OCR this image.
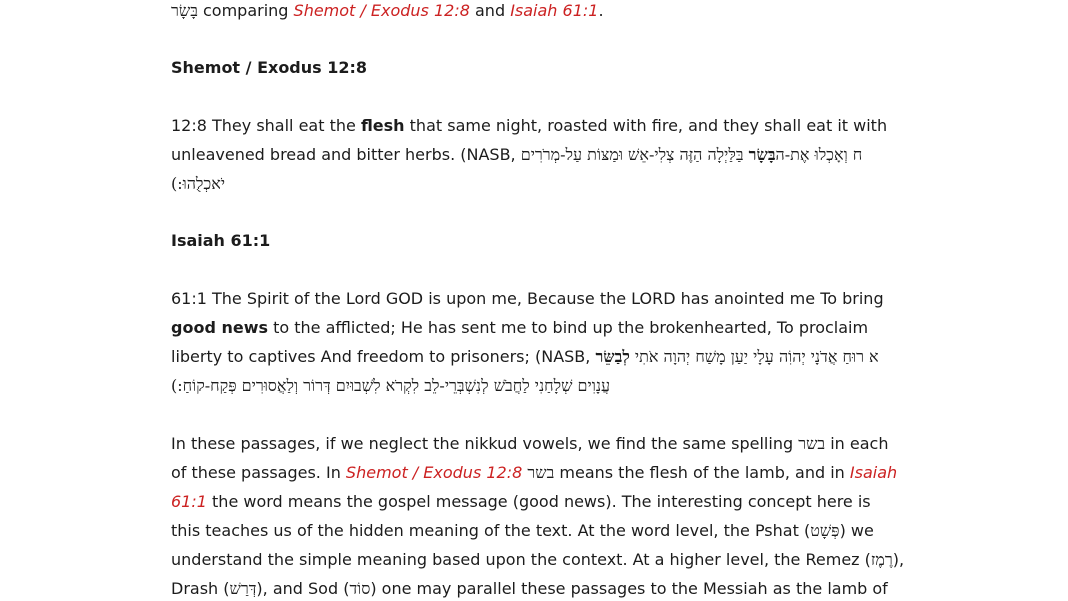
בָּשָׂר comparing Shemot / Exodus 12:8 and Isaiah 61:1.
Shemot / Exodus 12:8
12:8 They shall eat the flesh that same night, roasted with fire, and they shall eat it with
unleavened bread and bitter herbs. (NASB,	ח וְאָכְלוּ אֶת-הבָּשָׂר בַּלַּיְלָה הַזֶּה צְלִי-אֵשׁ וּמַצּוֹת עַל-מְרֹרִים
יֹאכְלֻהוּ:)
Isaiah 61:1
61:1 The Spirit of the Lord GOD is upon me, Because the LORD has anointed me To bring
good news to the afflicted; He has sent me to bind up the brokenhearted, To proclaim
liberty to captives And freedom to prisoners; (NASB, א רוּחַ אֲדֹנָי יְהוִֹה עָלָי יַעַן מָשַׁח יְהוָה אֹתִי לְבַשֵּׂר
עֲנָוִים שְׁלָחַנִי לַחֲבֹשׁ לְנִשְׁבְּרֵי-לֵב לִקְרֹא לִשְׁבוּיִם דְּרוֹר וְלַאֲסוּרִים פְּקַח-קוֹחַ:)
In these passages, if we neglect the nikkud vowels, we find the same spelling בשר in each
of these passages. In Shemot / Exodus 12:8 בשר means the flesh of the lamb, and in Isaiah
61:1 the word means the gospel message (good news). The interesting concept here is
this teaches us of the hidden meaning of the text. At the word level, the Pshat (פְּשָׁט) we
understand the simple meaning based upon the context. At a higher level, the Remez (רֶמֶז),
Drash (דְּרַשׁ), and Sod (סוֹד) one may parallel these passages to the Messiah as the lamb of
